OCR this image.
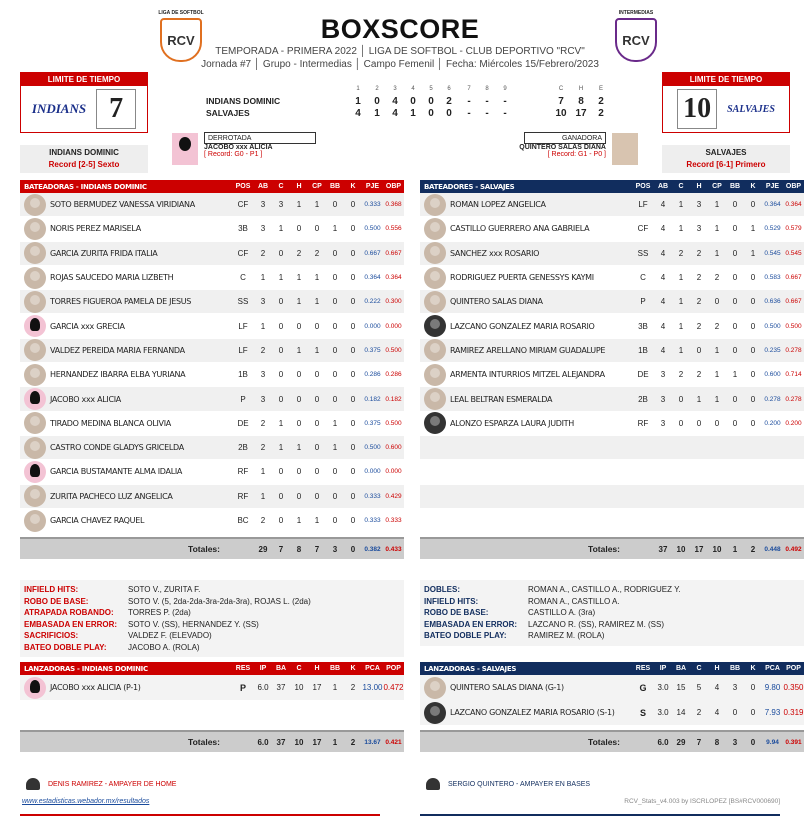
LIGA DE SOFTBOL
RCV
INTERMEDIAS
RCV
BOXSCORE
TEMPORADA - PRIMERA 2022 │ LIGA DE SOFTBOL - CLUB DEPORTIVO "RCV"
Jornada #7 │ Grupo - Intermedias │ Campo Femenil │ Fecha: Miércoles 15/Febrero/2023
LIMITE DE TIEMPO
INDIANS 7
INDIANS DOMINIC
Record [2-5] Sexto
LIMITE DE TIEMPO
10	SALVAJES
SALVAJES
Record [6-1] Primero
1	2	3	4	5	6	7	8	9	C	H	E
INDIANS DOMINIC	1	0	4	0	0	2	-	-	-	7	8	2
SALVAJES	4	1	4	1	0	0	-	-	-	10 17	2
DERROTADA
JACOBO xxx ALICIA
[ Record: G0 - P1 ]
GANADORA
QUINTERO SALAS DIANA
[ Record: G1 - P0 ]
BATEADORAS - INDIANS DOMINIC	POS	AB	C	H	CP	BB	K	PJE OBP
SOTO BERMUDEZ VANESSA VIRIDIANA	CF	3	3	1	1	0	0	0.333 0.368
NORIS PEREZ MARISELA	3B	3	1	0	0	1	0	0.500 0.556
GARCIA ZURITA FRIDA ITALIA	CF	2	0	2	2	0	0	0.667 0.667
ROJAS SAUCEDO MARIA LIZBETH	C	1	1	1	1	0	0	0.364 0.364
TORRES FIGUEROA PAMELA DE JESUS	SS	3	0	1	1	0	0	0.222 0.300
GARCIA xxx GRECIA	LF	1	0	0	0	0	0	0.000 0.000
VALDEZ PEREIDA MARIA FERNANDA	LF	2	0	1	1	0	0	0.375 0.500
HERNANDEZ IBARRA ELBA YURIANA	1B	3	0	0	0	0	0	0.286 0.286
JACOBO xxx ALICIA	P	3	0	0	0	0	0	0.182 0.182
TIRADO MEDINA BLANCA OLIVIA	DE	2	1	0	0	1	0	0.375 0.500
CASTRO CONDE GLADYS GRICELDA	2B	2	1	1	0	1	0	0.500 0.600
GARCIA BUSTAMANTE ALMA IDALIA	RF	1	0	0	0	0	0	0.000 0.000
ZURITA PACHECO LUZ ANGELICA	RF	1	0	0	0	0	0	0.333 0.429
GARCIA CHAVEZ RAQUEL	BC	2	0	1	1	0	0	0.333 0.333
Totales:	29	7	8	7	3	0	0.382 0.433
BATEADORES - SALVAJES	POS	AB	C	H	CP	BB	K	PJE OBP
ROMAN LOPEZ ANGELICA	LF	4	1	3	1	0	0	0.364 0.364
CASTILLO GUERRERO ANA GABRIELA	CF	4	1	3	1	0	1	0.529 0.579
SANCHEZ xxx ROSARIO	SS	4	2	2	1	0	1	0.545 0.545
RODRIGUEZ PUERTA GENESSYS KAYMI	C	4	1	2	2	0	0	0.583 0.667
QUINTERO SALAS DIANA	P	4	1	2	0	0	0	0.636 0.667
LAZCANO GONZALEZ MARIA ROSARIO	3B	4	1	2	2	0	0	0.500 0.500
RAMIREZ ARELLANO MIRIAM GUADALUPE	1B	4	1	0	1	0	0	0.235 0.278
ARMENTA INTURRIOS MITZEL ALEJANDRA	DE	3	2	2	1	1	0	0.600 0.714
LEAL BELTRAN ESMERALDA	2B	3	0	1	1	0	0	0.278 0.278
ALONZO ESPARZA LAURA JUDITH	RF	3	0	0	0	0	0	0.200 0.200
Totales:	37	10	17	10	1	2	0.448 0.492
INFIELD HITS:	SOTO V., ZURITA F.
ROBO DE BASE:	SOTO V. (5, 2da-2da-3ra-2da-3ra), ROJAS L. (2da)
ATRAPADA ROBANDO:	TORRES P. (2da)
EMBASADA EN ERROR:	SOTO V. (SS), HERNANDEZ Y. (SS)
SACRIFICIOS:	VALDEZ F. (ELEVADO)
BATEO DOBLE PLAY:	JACOBO A. (ROLA)
DOBLES:	ROMAN A., CASTILLO A., RODRIGUEZ Y.
INFIELD HITS:	ROMAN A., CASTILLO A.
ROBO DE BASE:	CASTILLO A. (3ra)
EMBASADA EN ERROR:	LAZCANO R. (SS), RAMIREZ M. (SS)
BATEO DOBLE PLAY:	RAMIREZ M. (ROLA)
LANZADORAS - INDIANS DOMINIC	RES	IP	BA	C	H	BB	K	PCA POP
JACOBO xxx ALICIA (P-1)	P	6.0 37	10	17	1	2 13.00 0.472
Totales:	6.0 37	10	17	1	2	13.67 0.421
LANZADORAS - SALVAJES	RES	IP	BA	C	H	BB	K	PCA POP
QUINTERO SALAS DIANA (G-1)	G	3.0 15	5	4	3	0	9.80 0.350
LAZCANO GONZALEZ MARIA ROSARIO (S-1)	S	3.0 14	2	4	0	0	7.93 0.319
Totales:	6.0 29	7	8	3	0	9.94	0.391
DENIS RAMIREZ - AMPAYER DE HOME	SERGIO QUINTERO - AMPAYER EN BASES
www.estadisticas.webador.mx/resultados	RCV_Stats_v4.003 by ISCRLOPEZ [BS#RCV000690]
